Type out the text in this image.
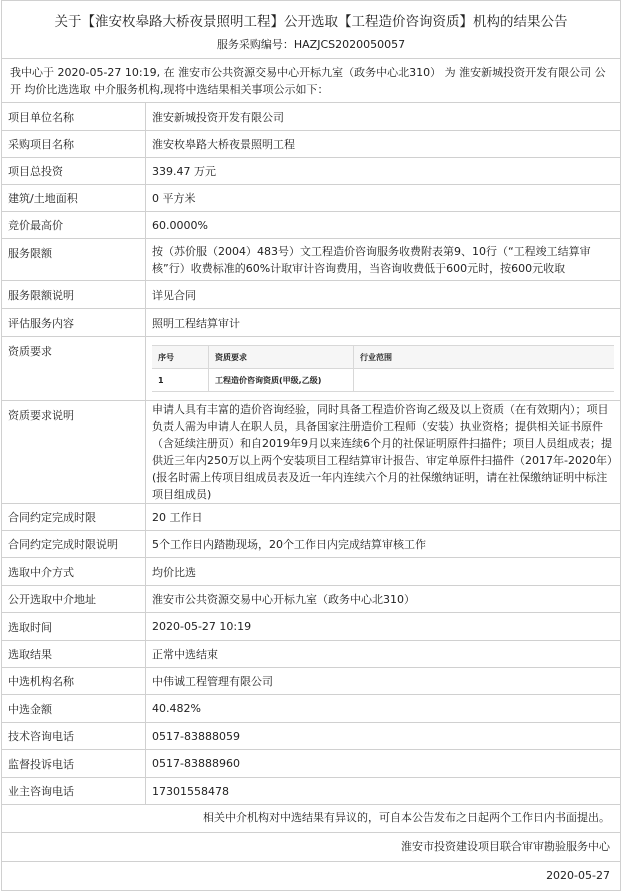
关于【淮安枚皋路大桥夜景照明工程】公开选取【工程造价咨询资质】机构的结果公告
服务采购编号：HAZJCS2020050057
我中心于 2020-05-27 10:19, 在 淮安市公共资源交易中心开标九室（政务中心北310） 为 淮安新城投资开发有限公司 公开 均价比选选取 中介服务机构,现将中选结果相关事项公示如下：
项目单位名称	淮安新城投资开发有限公司
采购项目名称	淮安枚皋路大桥夜景照明工程
项目总投资	339.47 万元
建筑/土地面积	0 平方米
竞价最高价	60.0000%
服务限额	按（苏价服（2004）483号）文工程造价咨询服务收费附表第9、10行（“工程竣工结算审核”行）收费标准的60%计取审计咨询费用，当咨询收费低于600元时，按600元收取
服务限额说明	详见合同
评估服务内容	照明工程结算审计
资质要求		序号	资质要求	行业范围
1	工程造价咨询资质(甲级,乙级)	

资质要求说明	申请人具有丰富的造价咨询经验，同时具备工程造价咨询乙级及以上资质（在有效期内）；项目负责人需为申请人在职人员，具备国家注册造价工程师（安装）执业资格；提供相关证书原件（含延续注册页）和自2019年9月以来连续6个月的社保证明原件扫描件；项目人员组成表；提供近三年内250万以上两个安装项目工程结算审计报告、审定单原件扫描件（2017年-2020年）(报名时需上传项目组成员表及近一年内连续六个月的社保缴纳证明，请在社保缴纳证明中标注项目组成员)
合同约定完成时限	20 工作日
合同约定完成时限说明	5个工作日内踏勘现场，20个工作日内完成结算审核工作
选取中介方式	均价比选
公开选取中介地址	淮安市公共资源交易中心开标九室（政务中心北310）
选取时间	2020-05-27 10:19
选取结果	正常中选结束
中选机构名称	中伟诚工程管理有限公司
中选金额	40.482%
技术咨询电话	0517-83888059
监督投诉电话	0517-83888960
业主咨询电话	17301558478
相关中介机构对中选结果有异议的，可自本公告发布之日起两个工作日内书面提出。
淮安市投资建设项目联合审审勘验服务中心
2020-05-27
